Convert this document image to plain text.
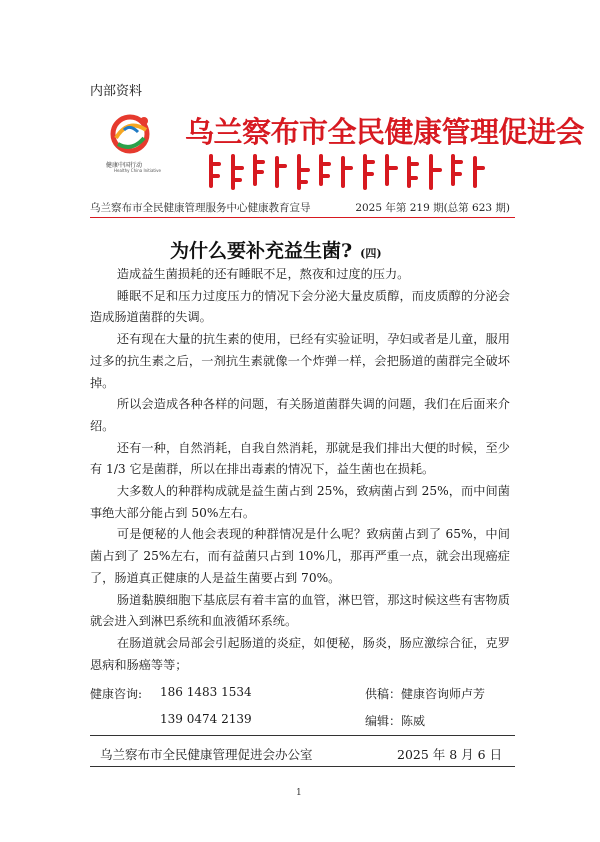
内部资料
健康中国行动
Healthy China Initiative
乌兰察布市全民健康管理促进会
乌兰察布市全民健康管理服务中心健康教育宣导	2025 年第 219 期(总第 623 期)
为什么要补充益生菌? (四)

造成益生菌损耗的还有睡眠不足，熬夜和过度的压力。

睡眠不足和压力过度压力的情况下会分泌大量皮质醇，而皮质醇的分泌会造成肠道菌群的失调。

还有现在大量的抗生素的使用，已经有实验证明，孕妇或者是儿童，服用过多的抗生素之后，一剂抗生素就像一个炸弹一样，会把肠道的菌群完全破坏掉。

所以会造成各种各样的问题，有关肠道菌群失调的问题，我们在后面来介绍。

还有一种，自然消耗，自我自然消耗，那就是我们排出大便的时候，至少有 1/3 它是菌群，所以在排出毒素的情况下，益生菌也在损耗。

大多数人的种群构成就是益生菌占到 25%，致病菌占到 25%，而中间菌事绝大部分能占到 50%左右。

可是便秘的人他会表现的种群情况是什么呢？致病菌占到了 65%，中间菌占到了 25%左右，而有益菌只占到 10%几，那再严重一点，就会出现癌症了，肠道真正健康的人是益生菌要占到 70%。

肠道黏膜细胞下基底层有着丰富的血管，淋巴管，那这时候这些有害物质就会进入到淋巴系统和血液循环系统。

在肠道就会局部会引起肠道的炎症，如便秘，肠炎，肠应激综合征，克罗恩病和肠癌等等；

健康咨询: 186 1483 1534
139 0474 2139
供稿：健康咨询师卢芳
编辑：陈威
乌兰察布市全民健康管理促进会办公室	2025 年 8 月 6 日
1
